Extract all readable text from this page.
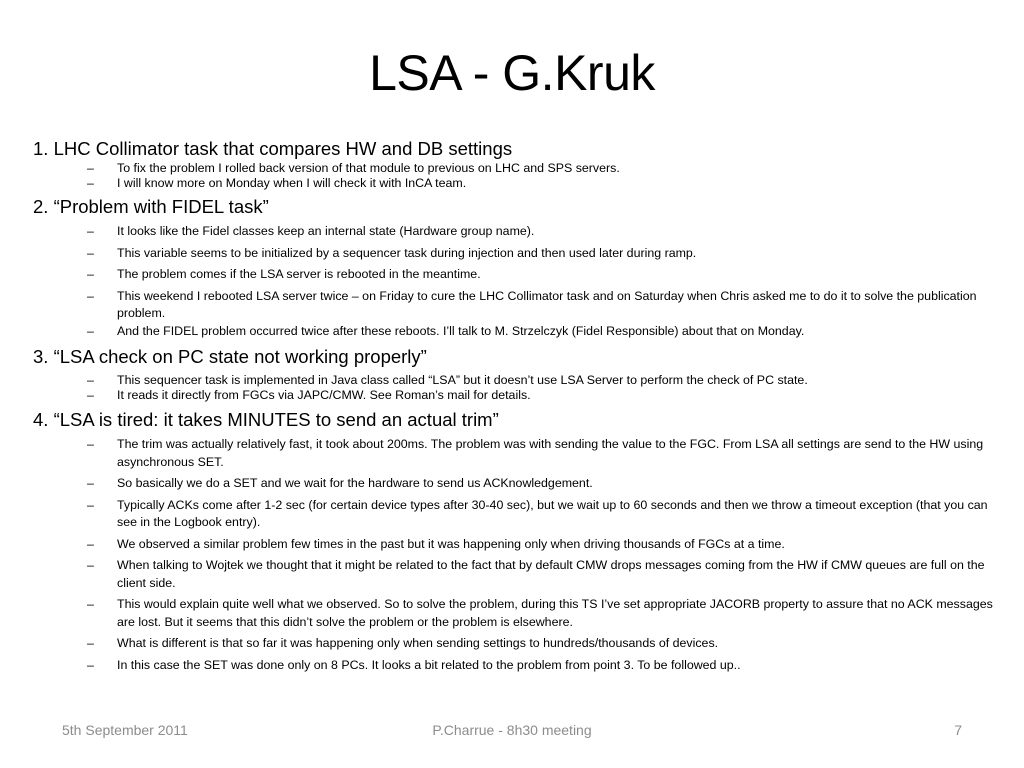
LSA - G.Kruk
1. LHC Collimator task that compares HW and DB settings
– To fix the problem I rolled back version of that module to previous on LHC and SPS servers.
– I will know more on Monday when I will check it with InCA team.
2. “Problem with FIDEL task”
– It looks like the Fidel classes keep an internal state (Hardware group name).
– This variable seems to be initialized by a sequencer task during injection and then used later during ramp.
– The problem comes if the LSA server is rebooted in the meantime.
– This weekend I rebooted LSA server twice – on Friday to cure the LHC Collimator task and on Saturday when Chris asked me to do it to solve the publication problem.
– And the FIDEL problem occurred twice after these reboots. I’ll talk to M. Strzelczyk (Fidel Responsible) about that on Monday.
3. “LSA check on PC state not working properly”
– This sequencer task is implemented in Java class called “LSA” but it doesn’t use LSA Server to perform the check of PC state.
– It reads it directly from FGCs via JAPC/CMW. See Roman’s mail for details.
4. “LSA is tired: it takes MINUTES to send an actual trim”
– The trim was actually relatively fast, it took about 200ms. The problem was with sending the value to the FGC. From LSA all settings are send to the HW using asynchronous SET.
– So basically we do a SET and we wait for the hardware to send us ACKnowledgement.
– Typically ACKs come after 1-2 sec (for certain device types after 30-40 sec), but we wait up to 60 seconds and then we throw a timeout exception (that you can see in the Logbook entry).
– We observed a similar problem few times in the past but it was happening only when driving thousands of FGCs at a time.
– When talking to Wojtek we thought that it might be related to the fact that by default CMW drops messages coming from the HW if CMW queues are full on the client side.
– This would explain quite well what we observed. So to solve the problem, during this TS I’ve set appropriate JACORB property to assure that no ACK messages are lost. But it seems that this didn’t solve the problem or the problem is elsewhere.
– What is different is that so far it was happening only when sending settings to hundreds/thousands of devices.
– In this case the SET was done only on 8 PCs. It looks a bit related to the problem from point 3. To be followed up..
5th September 2011	P.Charrue - 8h30 meeting	7
